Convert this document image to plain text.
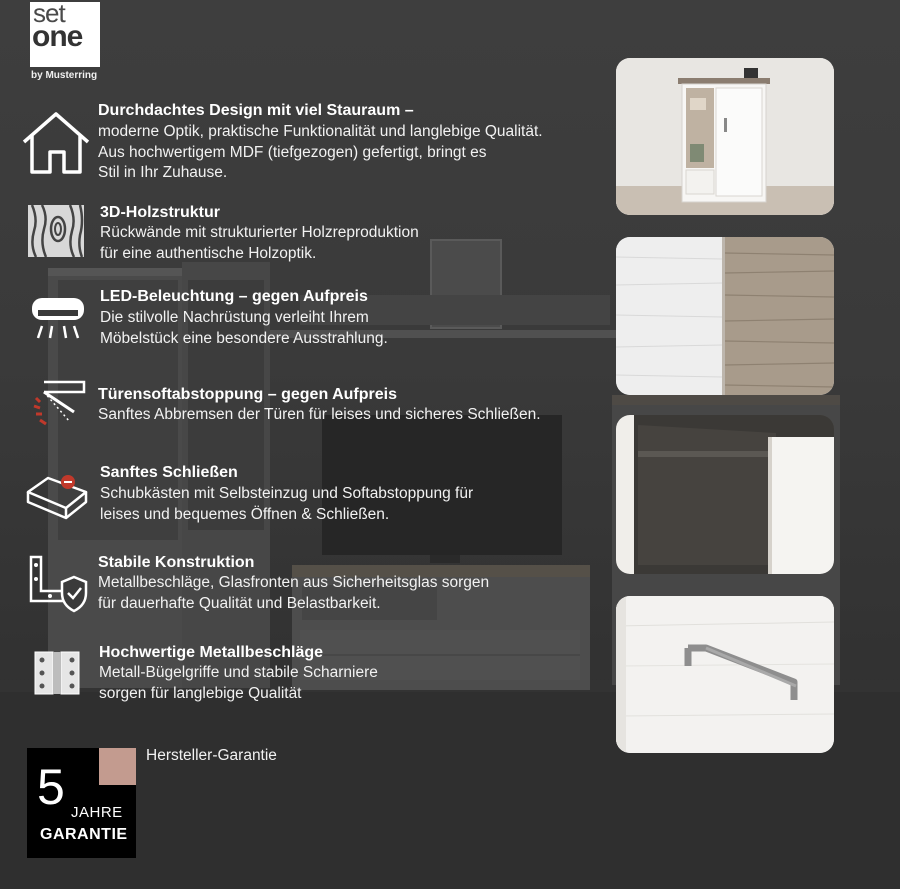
set
one
by Musterring
Durchdachtes Design mit viel Stauraum –
moderne Optik, praktische Funktionalität und langlebige Qualität.
Aus hochwertigem MDF (tiefgezogen) gefertigt, bringt es
Stil in Ihr Zuhause.
3D-Holzstruktur
Rückwände mit strukturierter Holzreproduktion
für eine authentische Holzoptik.
LED-Beleuchtung – gegen Aufpreis
Die stilvolle Nachrüstung verleiht Ihrem
Möbelstück eine besondere Ausstrahlung.
Türensoftabstoppung – gegen Aufpreis
Sanftes Abbremsen der Türen für leises und sicheres Schließen.
Sanftes Schließen
Schubkästen mit Selbsteinzug und Softabstoppung für
leises und bequemes Öffnen & Schließen.
Stabile Konstruktion
Metallbeschläge, Glasfronten aus Sicherheitsglas sorgen
für dauerhafte Qualität und Belastbarkeit.
Hochwertige Metallbeschläge
Metall-Bügelgriffe und stabile Scharniere
sorgen für langlebige Qualität
5 JAHRE
GARANTIE
Hersteller-Garantie
